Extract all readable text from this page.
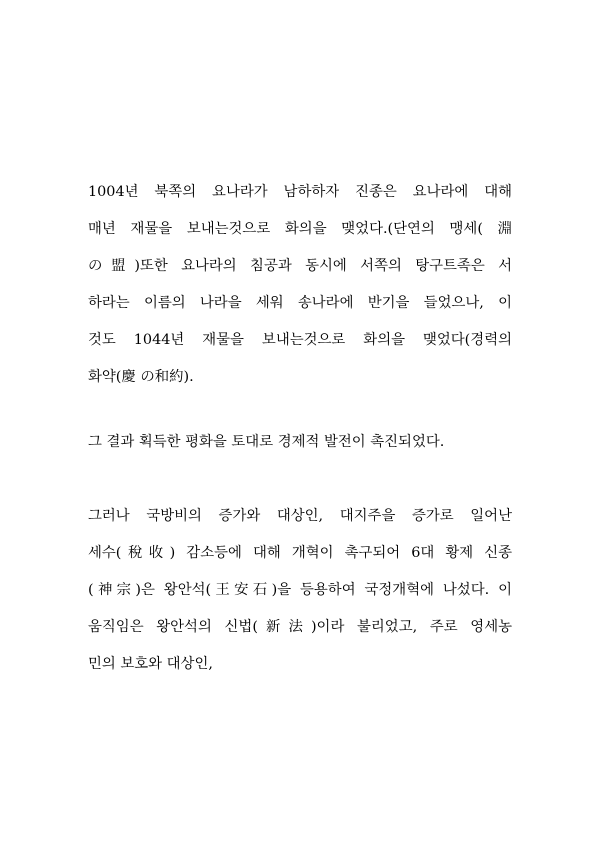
1004년 북쪽의 요나라가 남하하자 진종은 요나라에 대해
매년 재물을 보내는것으로 화의을 맺었다.(단연의 맹세( 淵
の盟)또한 요나라의 침공과 동시에 서쪽의 탕구트족은 서
하라는 이름의 나라을 세워 송나라에 반기을 들었으나, 이
것도 1044년 재물을 보내는것으로 화의을 맺었다(경력의
화약(慶 の和約).
그 결과 획득한 평화을 토대로 경제적 발전이 촉진되었다.
그러나 국방비의 증가와 대상인, 대지주을 증가로 일어난
세수(稅收) 감소등에 대해 개혁이 촉구되어 6대 황제 신종
(神宗)은 왕안석(王安石)을 등용하여 국정개혁에 나섰다. 이
움직임은 왕안석의 신법(新法)이라 불리었고, 주로 영세농
민의 보호와 대상인,
